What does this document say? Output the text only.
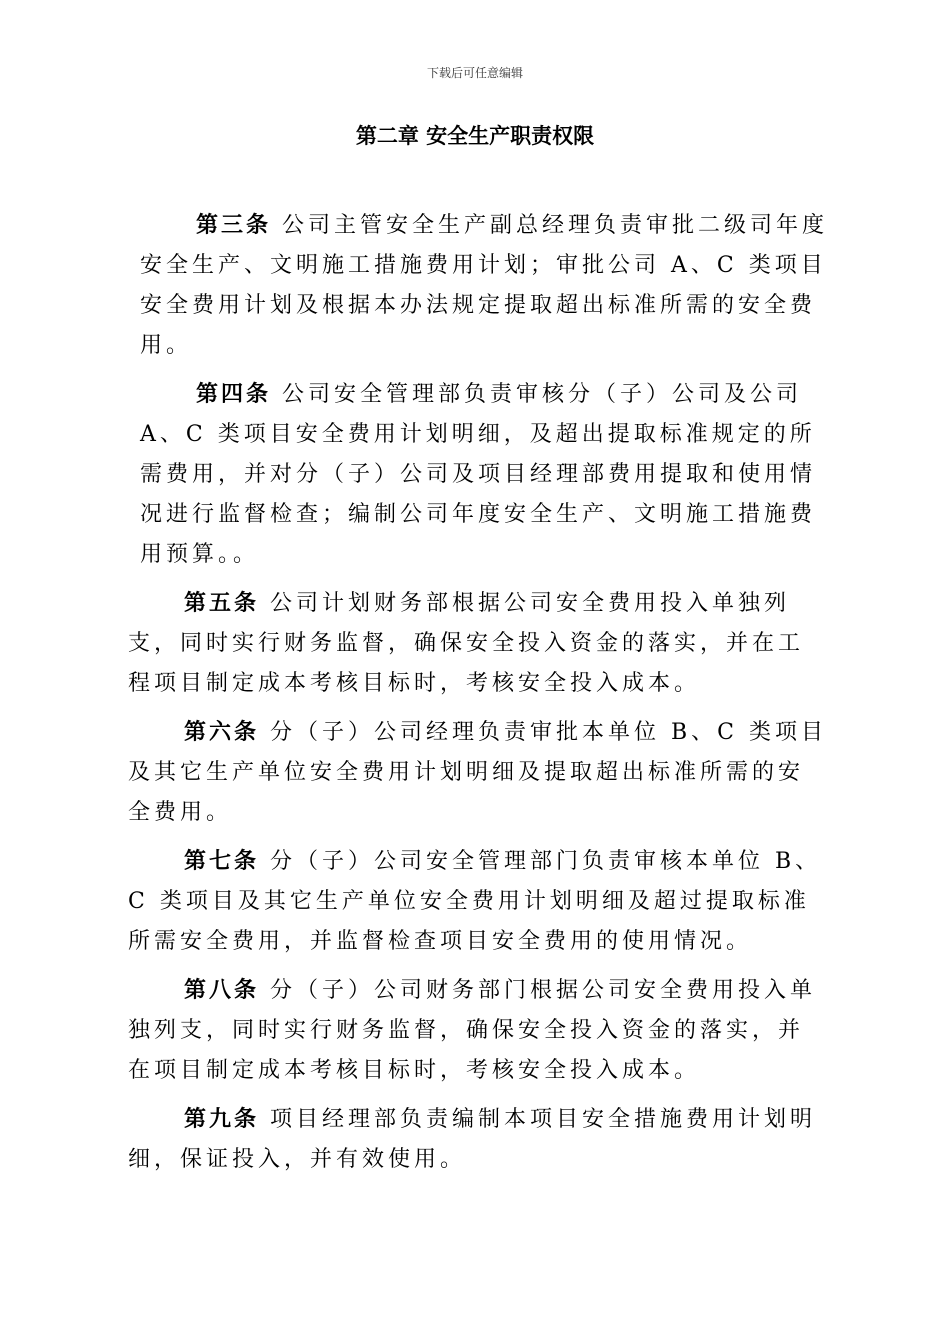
下载后可任意编辑
第二章 安全生产职责权限

第三条 公司主管安全生产副总经理负责审批二级司年度安全生产、文明施工措施费用计划；审批公司 A、C 类项目安全费用计划及根据本办法规定提取超出标准所需的安全费用。

第四条 公司安全管理部负责审核分（子）公司及公司 A、C 类项目安全费用计划明细，及超出提取标准规定的所需费用，并对分（子）公司及项目经理部费用提取和使用情况进行监督检查；编制公司年度安全生产、文明施工措施费用预算。。

第五条 公司计划财务部根据公司安全费用投入单独列支，同时实行财务监督，确保安全投入资金的落实，并在工程项目制定成本考核目标时，考核安全投入成本。

第六条 分（子）公司经理负责审批本单位 B、C 类项目及其它生产单位安全费用计划明细及提取超出标准所需的安全费用。

第七条 分（子）公司安全管理部门负责审核本单位 B、C 类项目及其它生产单位安全费用计划明细及超过提取标准所需安全费用，并监督检查项目安全费用的使用情况。

第八条 分（子）公司财务部门根据公司安全费用投入单独列支，同时实行财务监督，确保安全投入资金的落实，并在项目制定成本考核目标时，考核安全投入成本。

第九条 项目经理部负责编制本项目安全措施费用计划明细，保证投入，并有效使用。
